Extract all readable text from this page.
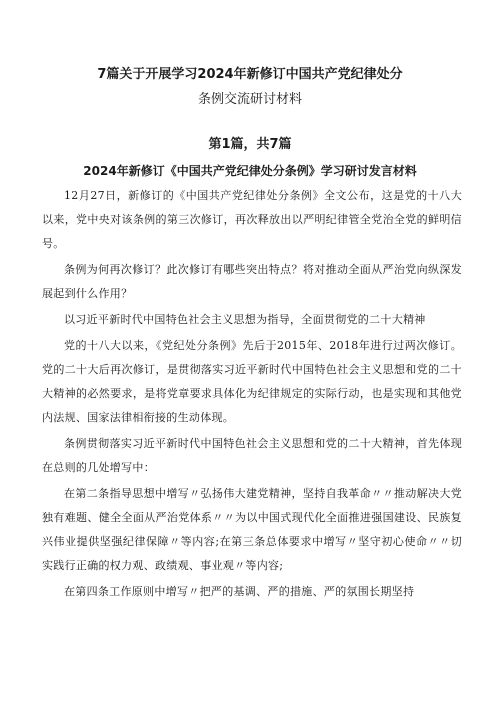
7篇关于开展学习2024年新修订中国共产党纪律处分
条例交流研讨材料
第1篇，共7篇
2024年新修订《中国共产党纪律处分条例》学习研讨发言材料

12月27日，新修订的《中国共产党纪律处分条例》全文公布，这是党的十八大以来，党中央对该条例的第三次修订，再次释放出以严明纪律管全党治全党的鲜明信号。

条例为何再次修订？此次修订有哪些突出特点？将对推动全面从严治党向纵深发展起到什么作用？

以习近平新时代中国特色社会主义思想为指导，全面贯彻党的二十大精神

党的十八大以来，《党纪处分条例》先后于2015年、2018年进行过两次修订。党的二十大后再次修订，是贯彻落实习近平新时代中国特色社会主义思想和党的二十大精神的必然要求，是将党章要求具体化为纪律规定的实际行动，也是实现和其他党内法规、国家法律相衔接的生动体现。

条例贯彻落实习近平新时代中国特色社会主义思想和党的二十大精神，首先体现在总则的几处增写中：

在第二条指导思想中增写〃弘扬伟大建党精神，坚持自我革命〃〃推动解决大党独有难题、健全全面从严治党体系〃〃为以中国式现代化全面推进强国建设、民族复兴伟业提供坚强纪律保障〃等内容;在第三条总体要求中增写〃坚守初心使命〃〃切实践行正确的权力观、政绩观、事业观〃等内容;

在第四条工作原则中增写〃把严的基调、严的措施、严的氛围长期坚持
